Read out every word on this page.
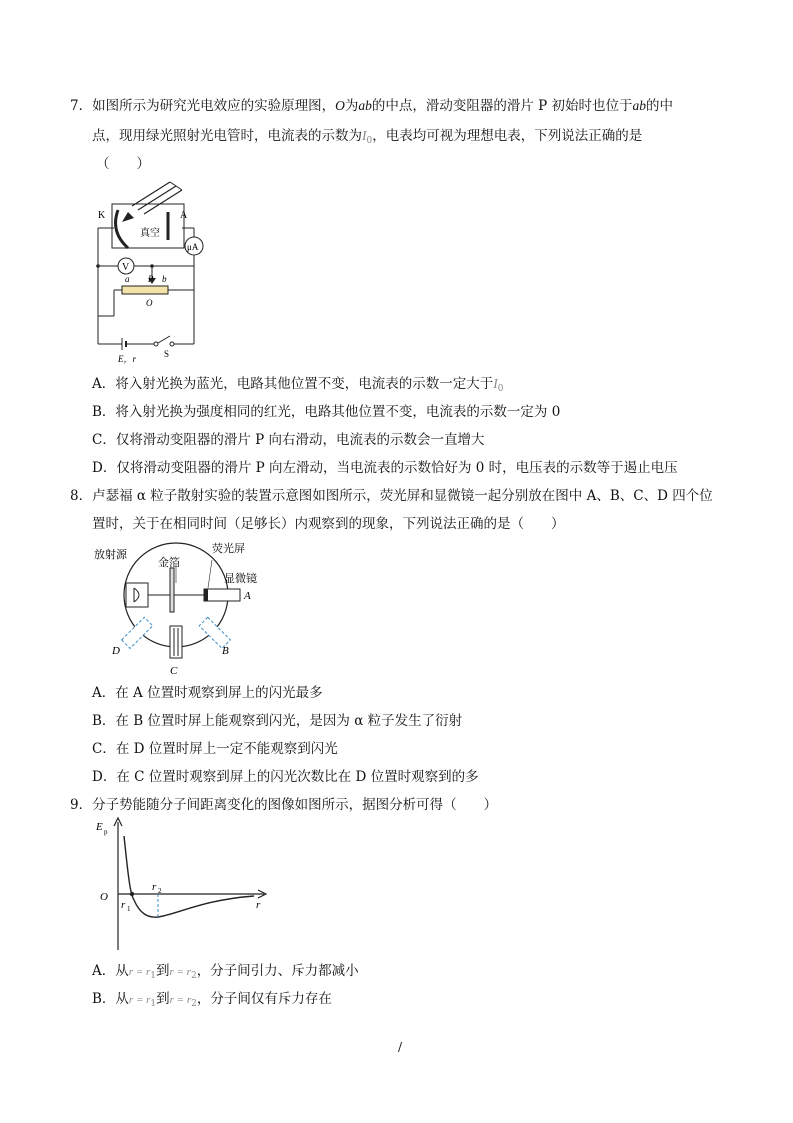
7．如图所示为研究光电效应的实验原理图，O为ab的中点，滑动变阻器的滑片 P 初始时也位于ab的中
点，现用绿光照射光电管时，电流表的示数为$I_0$，电表均可视为理想电表，下列说法正确的是
（　　）
K	A
真空
μA
V
a P b
O
E，r	S
A．将入射光换为蓝光，电路其他位置不变，电流表的示数一定大于$I_0$
B．将入射光换为强度相同的红光，电路其他位置不变，电流表的示数一定为 0
C．仅将滑动变阻器的滑片 P 向右滑动，电流表的示数会一直增大
D．仅将滑动变阻器的滑片 P 向左滑动，当电流表的示数恰好为 0 时，电压表的示数等于遏止电压
8．卢瑟福 α 粒子散射实验的装置示意图如图所示，荧光屏和显微镜一起分别放在图中 A、B、C、D 四个位
置时，关于在相同时间（足够长）内观察到的现象，下列说法正确的是（　　）
放射源
金箔
荧光屏
显微镜
A
B
C
D
A．在 A 位置时观察到屏上的闪光最多
B．在 B 位置时屏上能观察到闪光，是因为 α 粒子发生了衍射
C．在 D 位置时屏上一定不能观察到闪光
D．在 C 位置时观察到屏上的闪光次数比在 D 位置时观察到的多
9．分子势能随分子间距离变化的图像如图所示，据图分析可得（　　）
E p
O
r 1
r 2
r
A．从$r = r_1$到$r = r_2$，分子间引力、斥力都减小
B．从$r = r_1$到$r = r_2$，分子间仅有斥力存在
/
